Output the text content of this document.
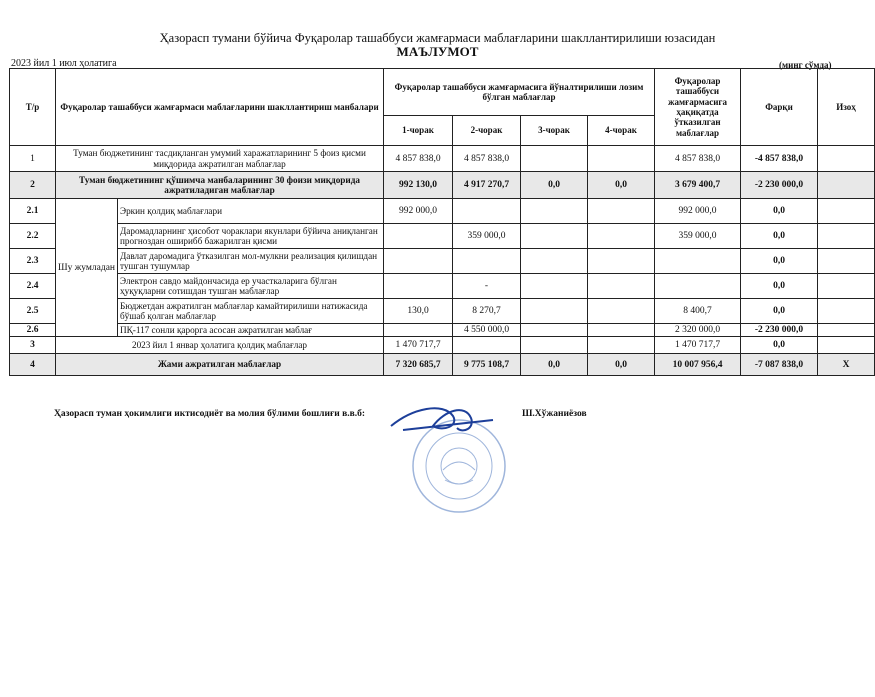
Ҳазорасп тумани бўйича Фуқаролар ташаббуси жамғармаси маблағларини шакллантирилиши юзасидан
МАЪЛУМОТ
2023 йил 1 июл ҳолатига	(минг сўмда)
Т/р	Фуқаролар ташаббуси жамғармаси маблағларини шакллантириш манбалари		Фуқаролар ташаббуси жамғармасига йўналтирилиши лозим бўлган маблағлар				Фуқаролар ташаббуси жамғармасига ҳақиқатда ўтказилган маблағлар	Фарқи	Изоҳ
			1-чорак	2-чорак	3-чорак	4-чорак			
1	Туман бюджетининг тасдиқланган умумий харажатларининг 5 фоиз қисми миқдорида ажратилган маблағлар		4 857 838,0	4 857 838,0			4 857 838,0	-4 857 838,0	
2	Туман бюджетининг қўшимча манбаларининг 30 фоизи миқдорида ажратиладиган маблағлар		992 130,0	4 917 270,7	0,0	0,0	3 679 400,7	-2 230 000,0	
2.1	Шу жумладан	Эркин қолдиқ маблағлари	992 000,0				992 000,0	0,0	
2.2		Даромадларнинг ҳисобот чораклари якунлари бўйича аниқланган прогноздан оширибб бажарилган қисми		359 000,0			359 000,0	0,0	
2.3		Давлат даромадига ўтказилган мол-мулкни реализация қилишдан тушган тушумлар						0,0	
2.4		Электрон савдо майдончасида ер участкаларига бўлган ҳуқуқларни сотишдан тушган маблағлар		-				0,0	
2.5		Бюджетдан ажратилган маблағлар камайтирилиши натижасида бўшаб қолган маблағлар	130,0	8 270,7			8 400,7	0,0	
2.6		ПҚ-117 сонли қарорга асосан ажратилган маблағ		4 550 000,0			2 320 000,0	-2 230 000,0	
3	2023 йил 1 январ ҳолатига қолдиқ маблағлар		1 470 717,7				1 470 717,7	0,0	
4	Жами ажратилган маблағлар		7 320 685,7	9 775 108,7	0,0	0,0	10 007 956,4	-7 087 838,0	Х
Ҳазорасп туман ҳокимлиги иктисодиёт ва молия бўлими бошлиғи в.в.б:	Ш.Хўжаниёзов
